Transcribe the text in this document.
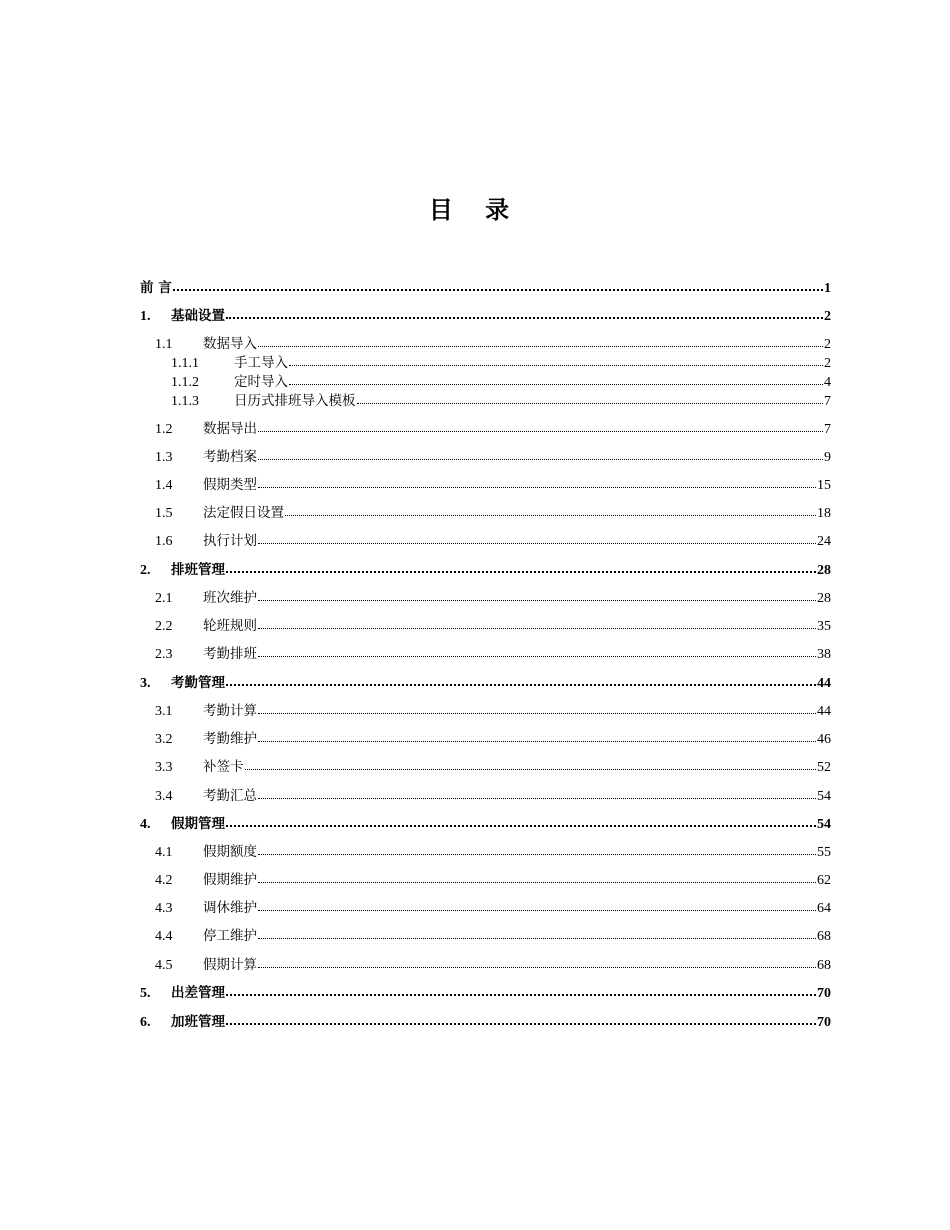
目 录
前 言	1
1.	基础设置	2
1.1	数据导入	2
1.1.1	手工导入	2
1.1.2	定时导入	4
1.1.3	日历式排班导入模板	7
1.2	数据导出	7
1.3	考勤档案	9
1.4	假期类型	15
1.5	法定假日设置	18
1.6	执行计划	24
2.	排班管理	28
2.1	班次维护	28
2.2	轮班规则	35
2.3	考勤排班	38
3.	考勤管理	44
3.1	考勤计算	44
3.2	考勤维护	46
3.3	补签卡	52
3.4	考勤汇总	54
4.	假期管理	54
4.1	假期额度	55
4.2	假期维护	62
4.3	调休维护	64
4.4	停工维护	68
4.5	假期计算	68
5.	出差管理	70
6.	加班管理	70
